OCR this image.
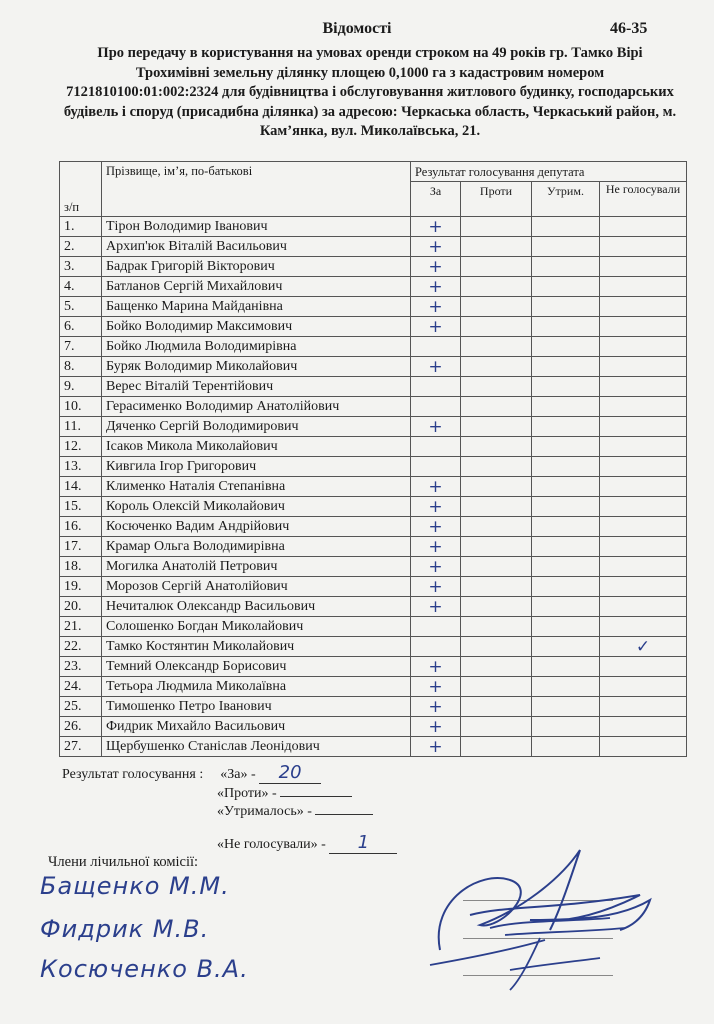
Відомості	46-35
Про передачу в користування на умовах оренди строком на 49 років гр. Тамко Вірі Трохимівні земельну ділянку площею 0,1000 га з кадастровим номером 7121810100:01:002:2324 для будівництва і обслуговування житлового будинку, господарських будівель і споруд (присадибна ділянка) за адресою: Черкаська область, Черкаський район, м. Кам’янка, вул. Миколаївська, 21.
з/п	Прізвище, ім’я, по-батькові	Результат голосування депутата			
		За	Проти	Утрим.	Не голосували
1.	Тірон Володимир Іванович	+			
2.	Архип'юк Віталій Васильович	+			
3.	Бадрак Григорій Вікторович	+			
4.	Батланов Сергій Михайлович	+			
5.	Бащенко Марина Майданівна	+			
6.	Бойко Володимир Максимович	+			
7.	Бойко Людмила Володимирівна				
8.	Буряк Володимир Миколайович	+			
9.	Верес Віталій Терентійович				
10.	Герасименко Володимир Анатолійович				
11.	Дяченко Сергій Володимирович	+			
12.	Ісаков Микола Миколайович				
13.	Кивгила Ігор Григорович				
14.	Клименко Наталія Степанівна	+			
15.	Король Олексій Миколайович	+			
16.	Косюченко Вадим Андрійович	+			
17.	Крамар Ольга Володимирівна	+			
18.	Могилка Анатолій Петрович	+			
19.	Морозов Сергій Анатолійович	+			
20.	Нечиталюк Олександр Васильович	+			
21.	Солошенко Богдан Миколайович				
22.	Тамко Костянтин Миколайович				✓
23.	Темний Олександр Борисович	+			
24.	Тетьора Людмила Миколаївна	+			
25.	Тимошенко Петро Іванович	+			
26.	Фидрик Михайло Васильович	+			
27.	Щербушенко Станіслав Леонідович	+			
Результат голосування : «За» - 20
«Проти» -
«Утрималось» -
«Не голосували» - 1
Члени лічильної комісії:
Бащенко М.М.
Фидрик М.В.
Косюченко В.А.
